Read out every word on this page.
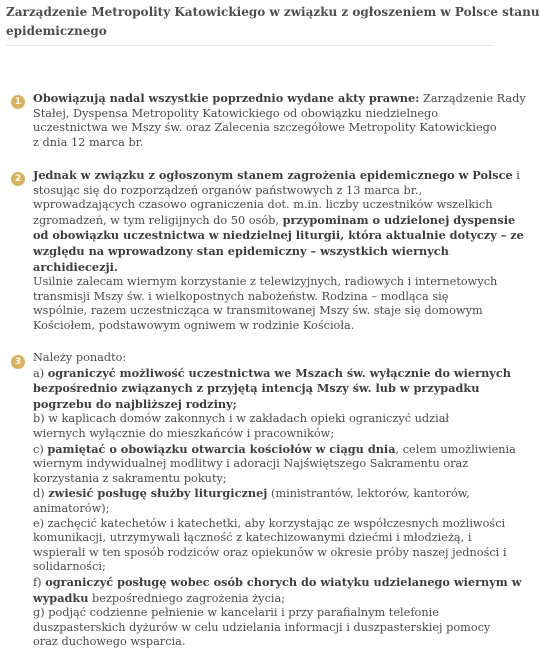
Zarządzenie Metropolity Katowickiego w związku z ogłoszeniem w Polsce stanu
epidemicznego
1	Obowiązują nadal wszystkie poprzednio wydane akty prawne: Zarządzenie Rady
Stałej, Dyspensa Metropolity Katowickiego od obowiązku niedzielnego
uczestnictwa we Mszy św. oraz Zalecenia szczegółowe Metropolity Katowickiego
z dnia 12 marca br.
2	Jednak w związku z ogłoszonym stanem zagrożenia epidemicznego w Polsce i
stosując się do rozporządzeń organów państwowych z 13 marca br.,
wprowadzających czasowo ograniczenia dot. m.in. liczby uczestników wszelkich
zgromadzeń, w tym religijnych do 50 osób, przypominam o udzielonej dyspensie
od obowiązku uczestnictwa w niedzielnej liturgii, która aktualnie dotyczy – ze
względu na wprowadzony stan epidemiczny – wszystkich wiernych
archidiecezji.
Usilnie zalecam wiernym korzystanie z telewizyjnych, radiowych i internetowych
transmisji Mszy św. i wielkopostnych nabożeństw. Rodzina – modląca się
wspólnie, razem uczestnicząca w transmitowanej Mszy św. staje się domowym
Kościołem, podstawowym ogniwem w rodzinie Kościoła.
3	Należy ponadto:
a) ograniczyć możliwość uczestnictwa we Mszach św. wyłącznie do wiernych
bezpośrednio związanych z przyjętą intencją Mszy św. lub w przypadku
pogrzebu do najbliższej rodziny;
b) w kaplicach domów zakonnych i w zakładach opieki ograniczyć udział
wiernych wyłącznie do mieszkańców i pracowników;
c) pamiętać o obowiązku otwarcia kościołów w ciągu dnia, celem umożliwienia
wiernym indywidualnej modlitwy i adoracji Najświętszego Sakramentu oraz
korzystania z sakramentu pokuty;
d) zwiesić posługę służby liturgicznej (ministrantów, lektorów, kantorów,
animatorów);
e) zachęcić katechetów i katechetki, aby korzystając ze współczesnych możliwości
komunikacji, utrzymywali łączność z katechizowanymi dziećmi i młodzieżą, i
wspierali w ten sposób rodziców oraz opiekunów w okresie próby naszej jedności i
solidarności;
f) ograniczyć posługę wobec osób chorych do wiatyku udzielanego wiernym w
wypadku bezpośredniego zagrożenia życia;
g) podjąć codzienne pełnienie w kancelarii i przy parafialnym telefonie
duszpasterskich dyżurów w celu udzielania informacji i duszpasterskiej pomocy
oraz duchowego wsparcia.
